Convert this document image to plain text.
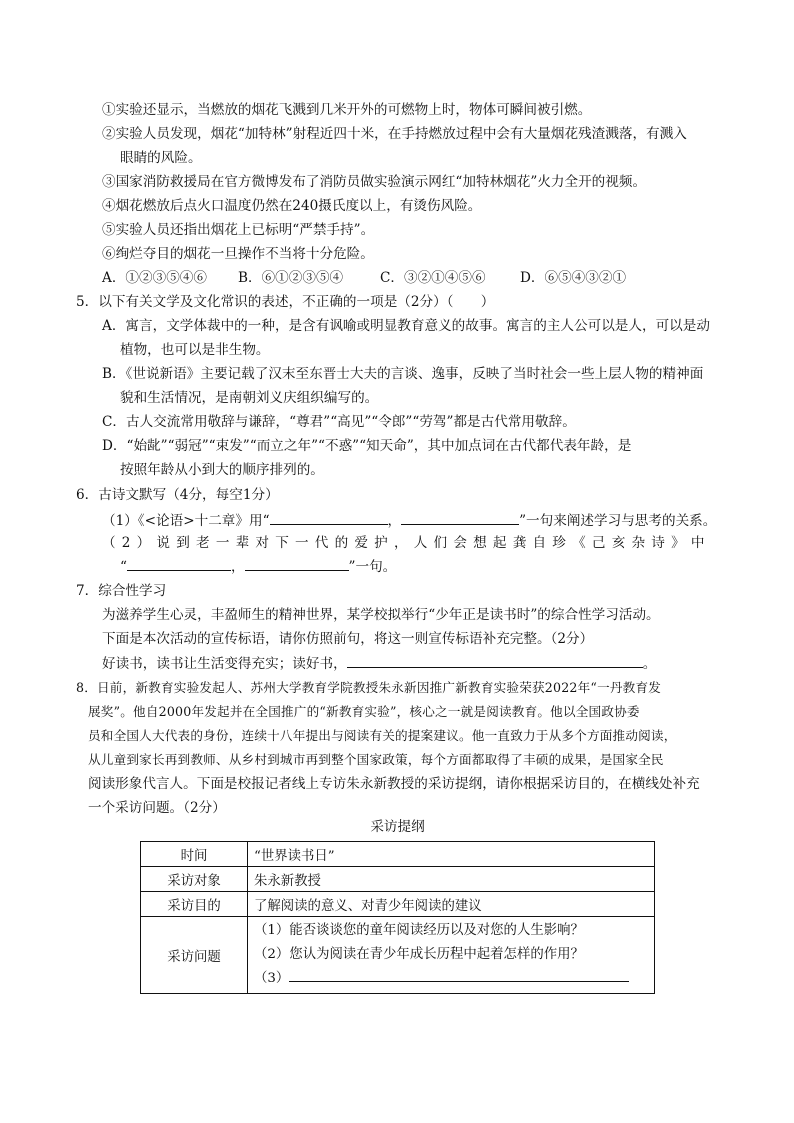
①实验还显示，当燃放的烟花飞溅到几米开外的可燃物上时，物体可瞬间被引燃。
②实验人员发现，烟花“加特林”射程近四十米，在手持燃放过程中会有大量烟花残渣溅落，有溅入
眼睛的风险。
③国家消防救援局在官方微博发布了消防员做实验演示网红“加特林烟花”火力全开的视频。
④烟花燃放后点火口温度仍然在240摄氏度以上，有烫伤风险。
⑤实验人员还指出烟花上已标明“严禁手持”。
⑥绚烂夺目的烟花一旦操作不当将十分危险。
A．①②③⑤④⑥ B．⑥①②③⑤④	C．③②①④⑤⑥	D．⑥⑤④③②①
5．以下有关文学及文化常识的表述，不正确的一项是（2分）（　　）
A．寓言，文学体裁中的一种，是含有讽喻或明显教育意义的故事。寓言的主人公可以是人，可以是动
植物，也可以是非生物。
B．《世说新语》主要记载了汉末至东晋士大夫的言谈、逸事，反映了当时社会一些上层人物的精神面
貌和生活情况，是南朝刘义庆组织编写的。
C．古人交流常用敬辞与谦辞，“尊君”“高见”“令郎”“劳驾”都是古代常用敬辞。
D．“始龀”“弱冠”“束发”“而立之年”“不惑”“知天命”，其中加点词在古代都代表年龄，是
按照年龄从小到大的顺序排列的。
6．古诗文默写（4分，每空1分）
（1）《<论语>十二章》用“	，	”一句来阐述学习与思考的关系。
（2）说到老一辈对下一代的爱护，人们会想起龚自珍《己亥杂诗》中
“	，	”一句。
7．综合性学习
为滋养学生心灵，丰盈师生的精神世界，某学校拟举行“少年正是读书时”的综合性学习活动。
下面是本次活动的宣传标语，请你仿照前句，将这一则宣传标语补充完整。（2分）
好读书，读书让生活变得充实；读好书，	。
8．日前，新教育实验发起人、苏州大学教育学院教授朱永新因推广新教育实验荣获2022年“一丹教育发
展奖”。他自2000年发起并在全国推广的“新教育实验”，核心之一就是阅读教育。他以全国政协委
员和全国人大代表的身份，连续十八年提出与阅读有关的提案建议。他一直致力于从多个方面推动阅读，
从儿童到家长再到教师、从乡村到城市再到整个国家政策，每个方面都取得了丰硕的成果，是国家全民
阅读形象代言人。下面是校报记者线上专访朱永新教授的采访提纲，请你根据采访目的，在横线处补充
一个采访问题。（2分）
采访提纲
时间	“世界读书日”
采访对象	朱永新教授
采访目的	了解阅读的意义、对青少年阅读的建议
采访问题	（1）能否谈谈您的童年阅读经历以及对您的人生影响？
（2）您认为阅读在青少年成长历程中起着怎样的作用？
（3）
